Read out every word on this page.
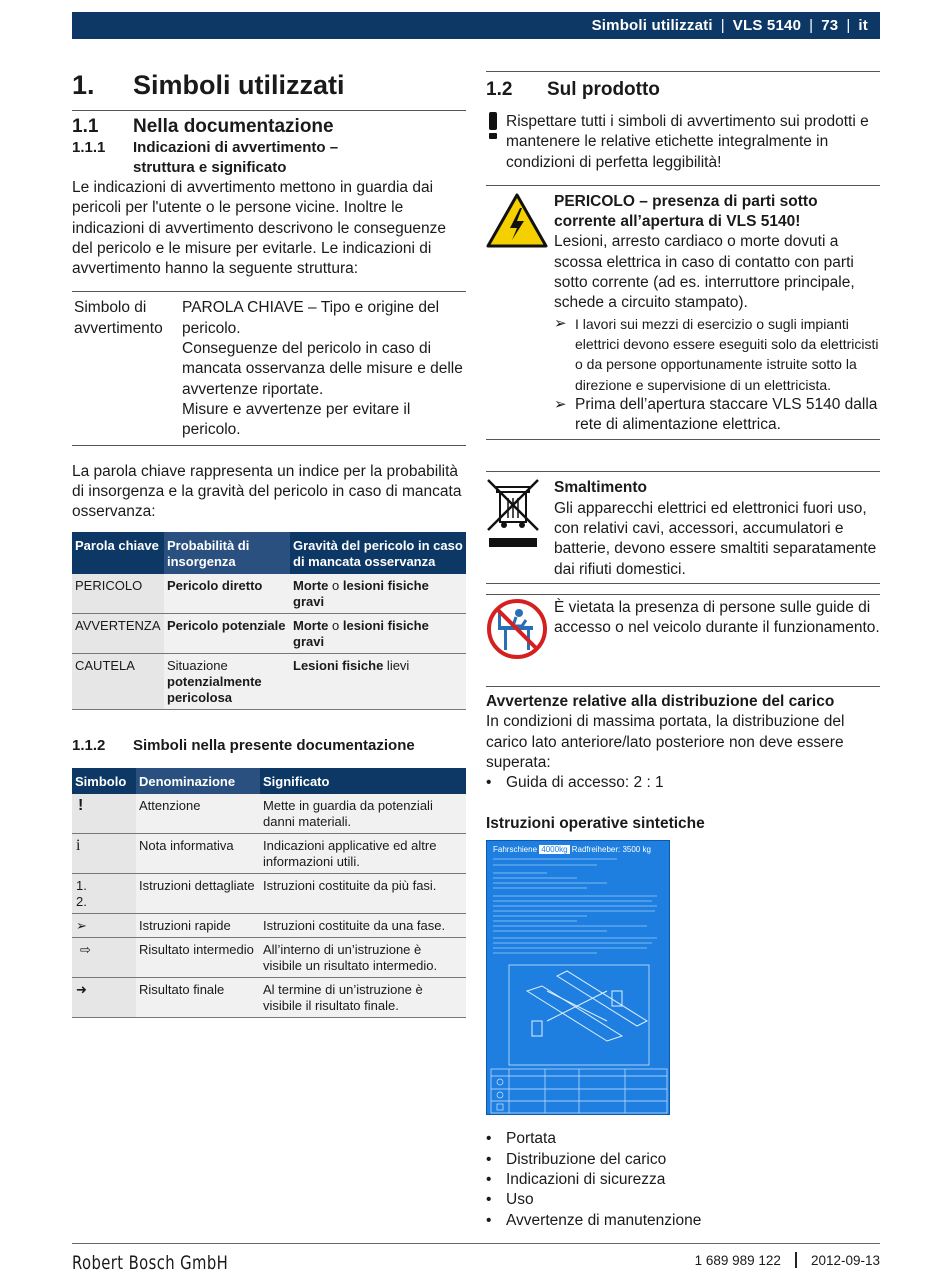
Simboli utilizzati | VLS 5140 | 73 | it
1.	Simboli utilizzati
1.1	Nella documentazione
1.1.1	Indicazioni di avvertimento – struttura e significato

Le indicazioni di avvertimento mettono in guardia dai pericoli per l'utente o le persone vicine. Inoltre le indicazioni di avvertimento descrivono le conseguenze del pericolo e le misure per evitarle. Le indicazioni di avvertimento hanno la seguente struttura:

Simbolo di avvertimento
PAROLA CHIAVE – Tipo e origine del pericolo.
Conseguenze del pericolo in caso di mancata osservanza delle misure e delle avvertenze riportate.
Misure e avvertenze per evitare il pericolo.

La parola chiave rappresenta un indice per la probabilità di insorgenza e la gravità del pericolo in caso di mancata osservanza:

Parola chiave	Probabilità di insorgenza	Gravità del pericolo in caso di mancata osservanza
PERICOLO	Pericolo diretto	Morte o lesioni fisiche gravi
AVVERTENZA	Pericolo potenziale	Morte o lesioni fisiche gravi
CAUTELA	Situazione potenzialmente pericolosa	Lesioni fisiche lievi
1.1.2	Simboli nella presente documentazione
Simbolo	Denominazione	Significato
!	Attenzione	Mette in guardia da potenziali danni materiali.
i	Nota informativa	Indicazioni applicative ed altre informazioni utili.
1.
2.	Istruzioni dettagliate	Istruzioni costituite da più fasi.
➢	Istruzioni rapide	Istruzioni costituite da una fase.
⇨	Risultato intermedio	All’interno di un’istruzione è visibile un risultato intermedio.
➜	Risultato finale	Al termine di un’istruzione è visibile il risultato finale.
1.2	Sul prodotto
Rispettare tutti i simboli di avvertimento sui prodotti e mantenere le relative etichette integralmente in condizioni di perfetta leggibilità!
PERICOLO – presenza di parti sotto corrente all’apertura di VLS 5140!
Lesioni, arresto cardiaco o morte dovuti a scossa elettrica in caso di contatto con parti sotto corrente (ad es. interruttore principale, schede a circuito stampato).
➢ I lavori sui mezzi di esercizio o sugli impianti elettrici devono essere eseguiti solo da elettricisti o da persone opportunamente istruite sotto la direzione e supervisione di un elettricista.
➢ Prima dell’apertura staccare VLS 5140 dalla rete di alimentazione elettrica.
Smaltimento
Gli apparecchi elettrici ed elettronici fuori uso, con relativi cavi, accessori, accumulatori e batterie, devono essere smaltiti separatamente dai rifiuti domestici.
È vietata la presenza di persone sulle guide di accesso o nel veicolo durante il funzionamento.
Avvertenze relative alla distribuzione del carico

In condizioni di massima portata, la distribuzione del carico lato anteriore/lato posteriore non deve essere superata:

• Guida di accesso: 2 : 1
Istruzioni operative sintetiche
Fahrschiene 4000kg Radfreiheber: 3500 kg
• Portata
• Distribuzione del carico
• Indicazioni di sicurezza
• Uso
• Avvertenze di manutenzione
Robert Bosch GmbH	1 689 989 122 2012-09-13
